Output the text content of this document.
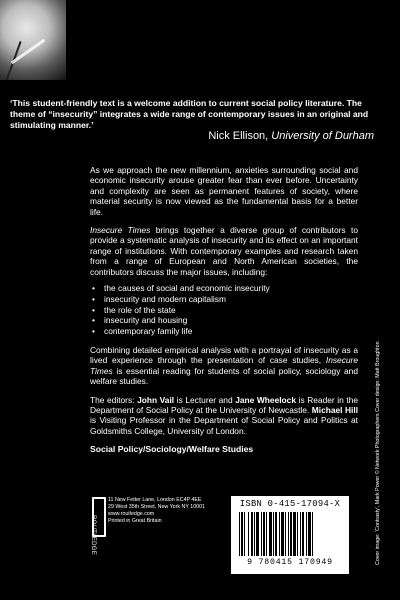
‘This student-friendly text is a welcome addition to current social policy literature. The theme of “insecurity” integrates a wide range of contemporary issues in an original and stimulating manner.’
Nick Ellison, University of Durham

As we approach the new millennium, anxieties surrounding social and economic insecurity arouse greater fear than ever before. Uncertainty and complexity are seen as permanent features of society, where material security is now viewed as the fundamental basis for a better life.

Insecure Times brings together a diverse group of contributors to provide a systematic analysis of insecurity and its effect on an important range of institutions. With contemporary examples and research taken from a range of European and North American societies, the contributors discuss the major issues, including:

• the causes of social and economic insecurity
• insecurity and modern capitalism
• the role of the state
• insecurity and housing
• contemporary family life

Combining detailed empirical analysis with a portrayal of insecurity as a lived experience through the presentation of case studies, Insecure Times is essential reading for students of social policy, sociology and welfare studies.

The editors: John Vail is Lecturer and Jane Wheelock is Reader in the Department of Social Policy at the University of Newcastle. Michael Hill is Visiting Professor in the Department of Social Policy and Politics at Goldsmiths College, University of London.

Social Policy/Sociology/Welfare Studies
ROUTLEDGE
11 New Fetter Lane, London EC4P 4EE
29 West 35th Street, New York NY 10001
www.routledge.com
Printed in Great Britain
ISBN 0-415-17094-X
9 780415 170949	Cover image: ‘Contrasty’, Mark Power © Network Photographers Cover design: Matt Broughton
